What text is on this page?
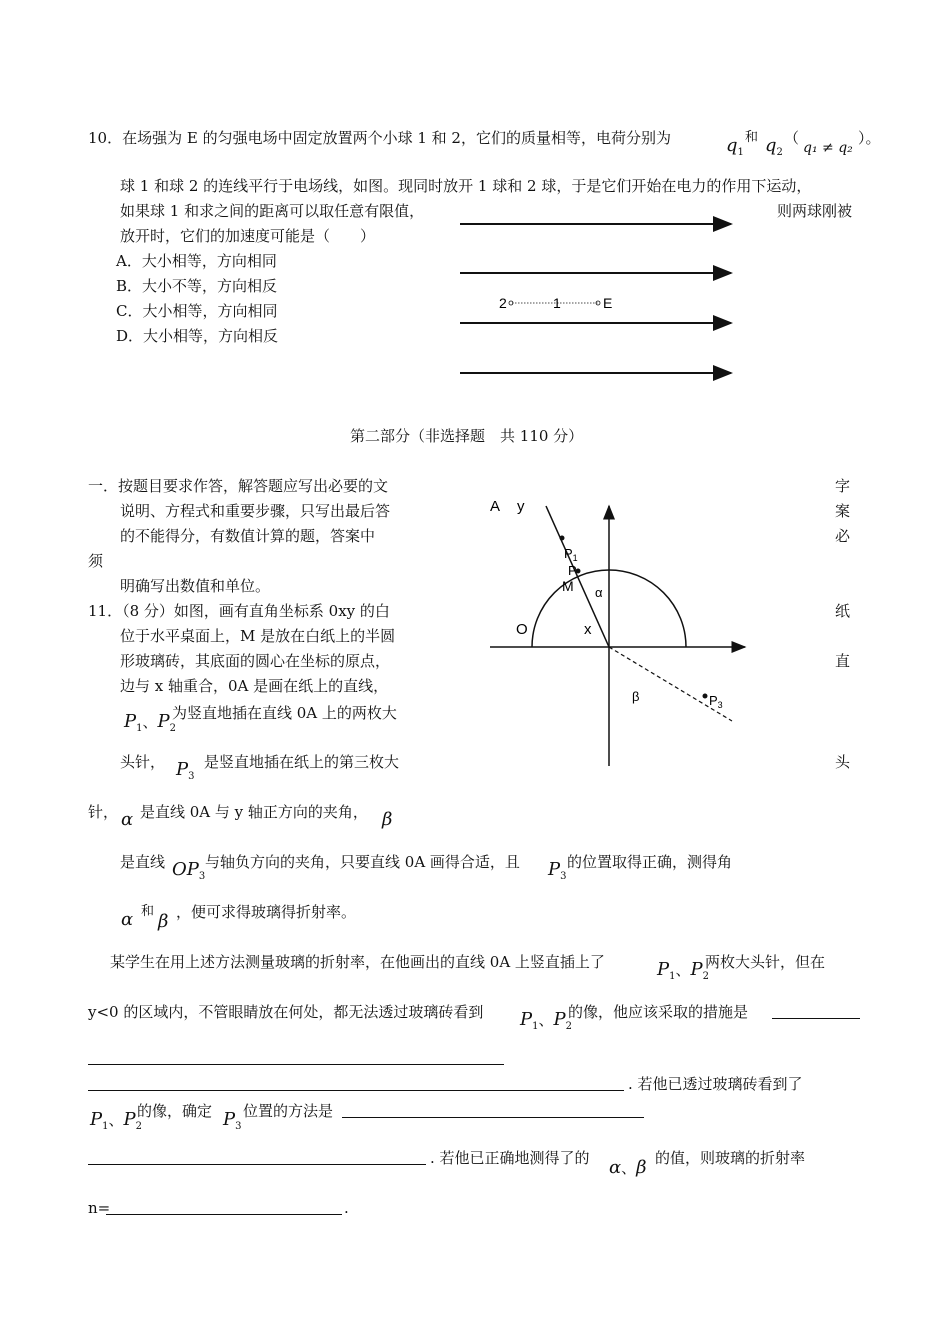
10．在场强为 E 的匀强电场中固定放置两个小球 1 和 2，它们的质量相等，电荷分别为	$q_1$
和 $q_2$
（
q₁ ≠ q₂
）。
球 1 和球 2 的连线平行于电场线，如图。现同时放开 1 球和 2 球，于是它们开始在电力的作用下运动，
如果球 1 和求之间的距离可以取任意有限值，	则两球刚被
放开时，它们的加速度可能是（　　）
A．大小相等，方向相同
B．大小不等，方向相反
C．大小相等，方向相同
D．大小相等，方向相反
2	1	E
第二部分（非选择题　共 110 分）
一．按题目要求作答，解答题应写出必要的文	字
说明、方程式和重要步骤，只写出最后答	案
的不能得分，有数值计算的题，答案中	必
须
明确写出数值和单位。
11．（8 分）如图，画有直角坐标系 0xy 的白	纸
位于水平桌面上，M 是放在白纸上的半圆
形玻璃砖，其底面的圆心在坐标的原点，	直
边与 x 轴重合，0A 是画在纸上的直线，
$P_1$、$P_2$
为竖直地插在直线 0A 上的两枚大
头针， $P_3$
是竖直地插在纸上的第三枚大	头
针， α 是直线 0A 与 y 轴正方向的夹角， β
是直线 $OP_3$
与轴负方向的夹角，只要直线 0A 画得合适，且 $P_3$
的位置取得正确，测得角
α 和 β ，便可求得玻璃得折射率。
某学生在用上述方法测量玻璃的折射率，在他画出的直线 0A 上竖直插上了	$P_1$、$P_2$
两枚大头针，但在
y<0 的区域内，不管眼睛放在何处，都无法透过玻璃砖看到 $P_1$、$P_2$
的像，他应该采取的措施是
. 若他已透过玻璃砖看到了
$P_1$、$P_2$
的像，确定 $P_3$
位置的方法是
. 若他已正确地测得了的 α、β 的值，则玻璃的折射率
n=	.
A y
$P_1$
P
M α
O	x
β	$P_3$
